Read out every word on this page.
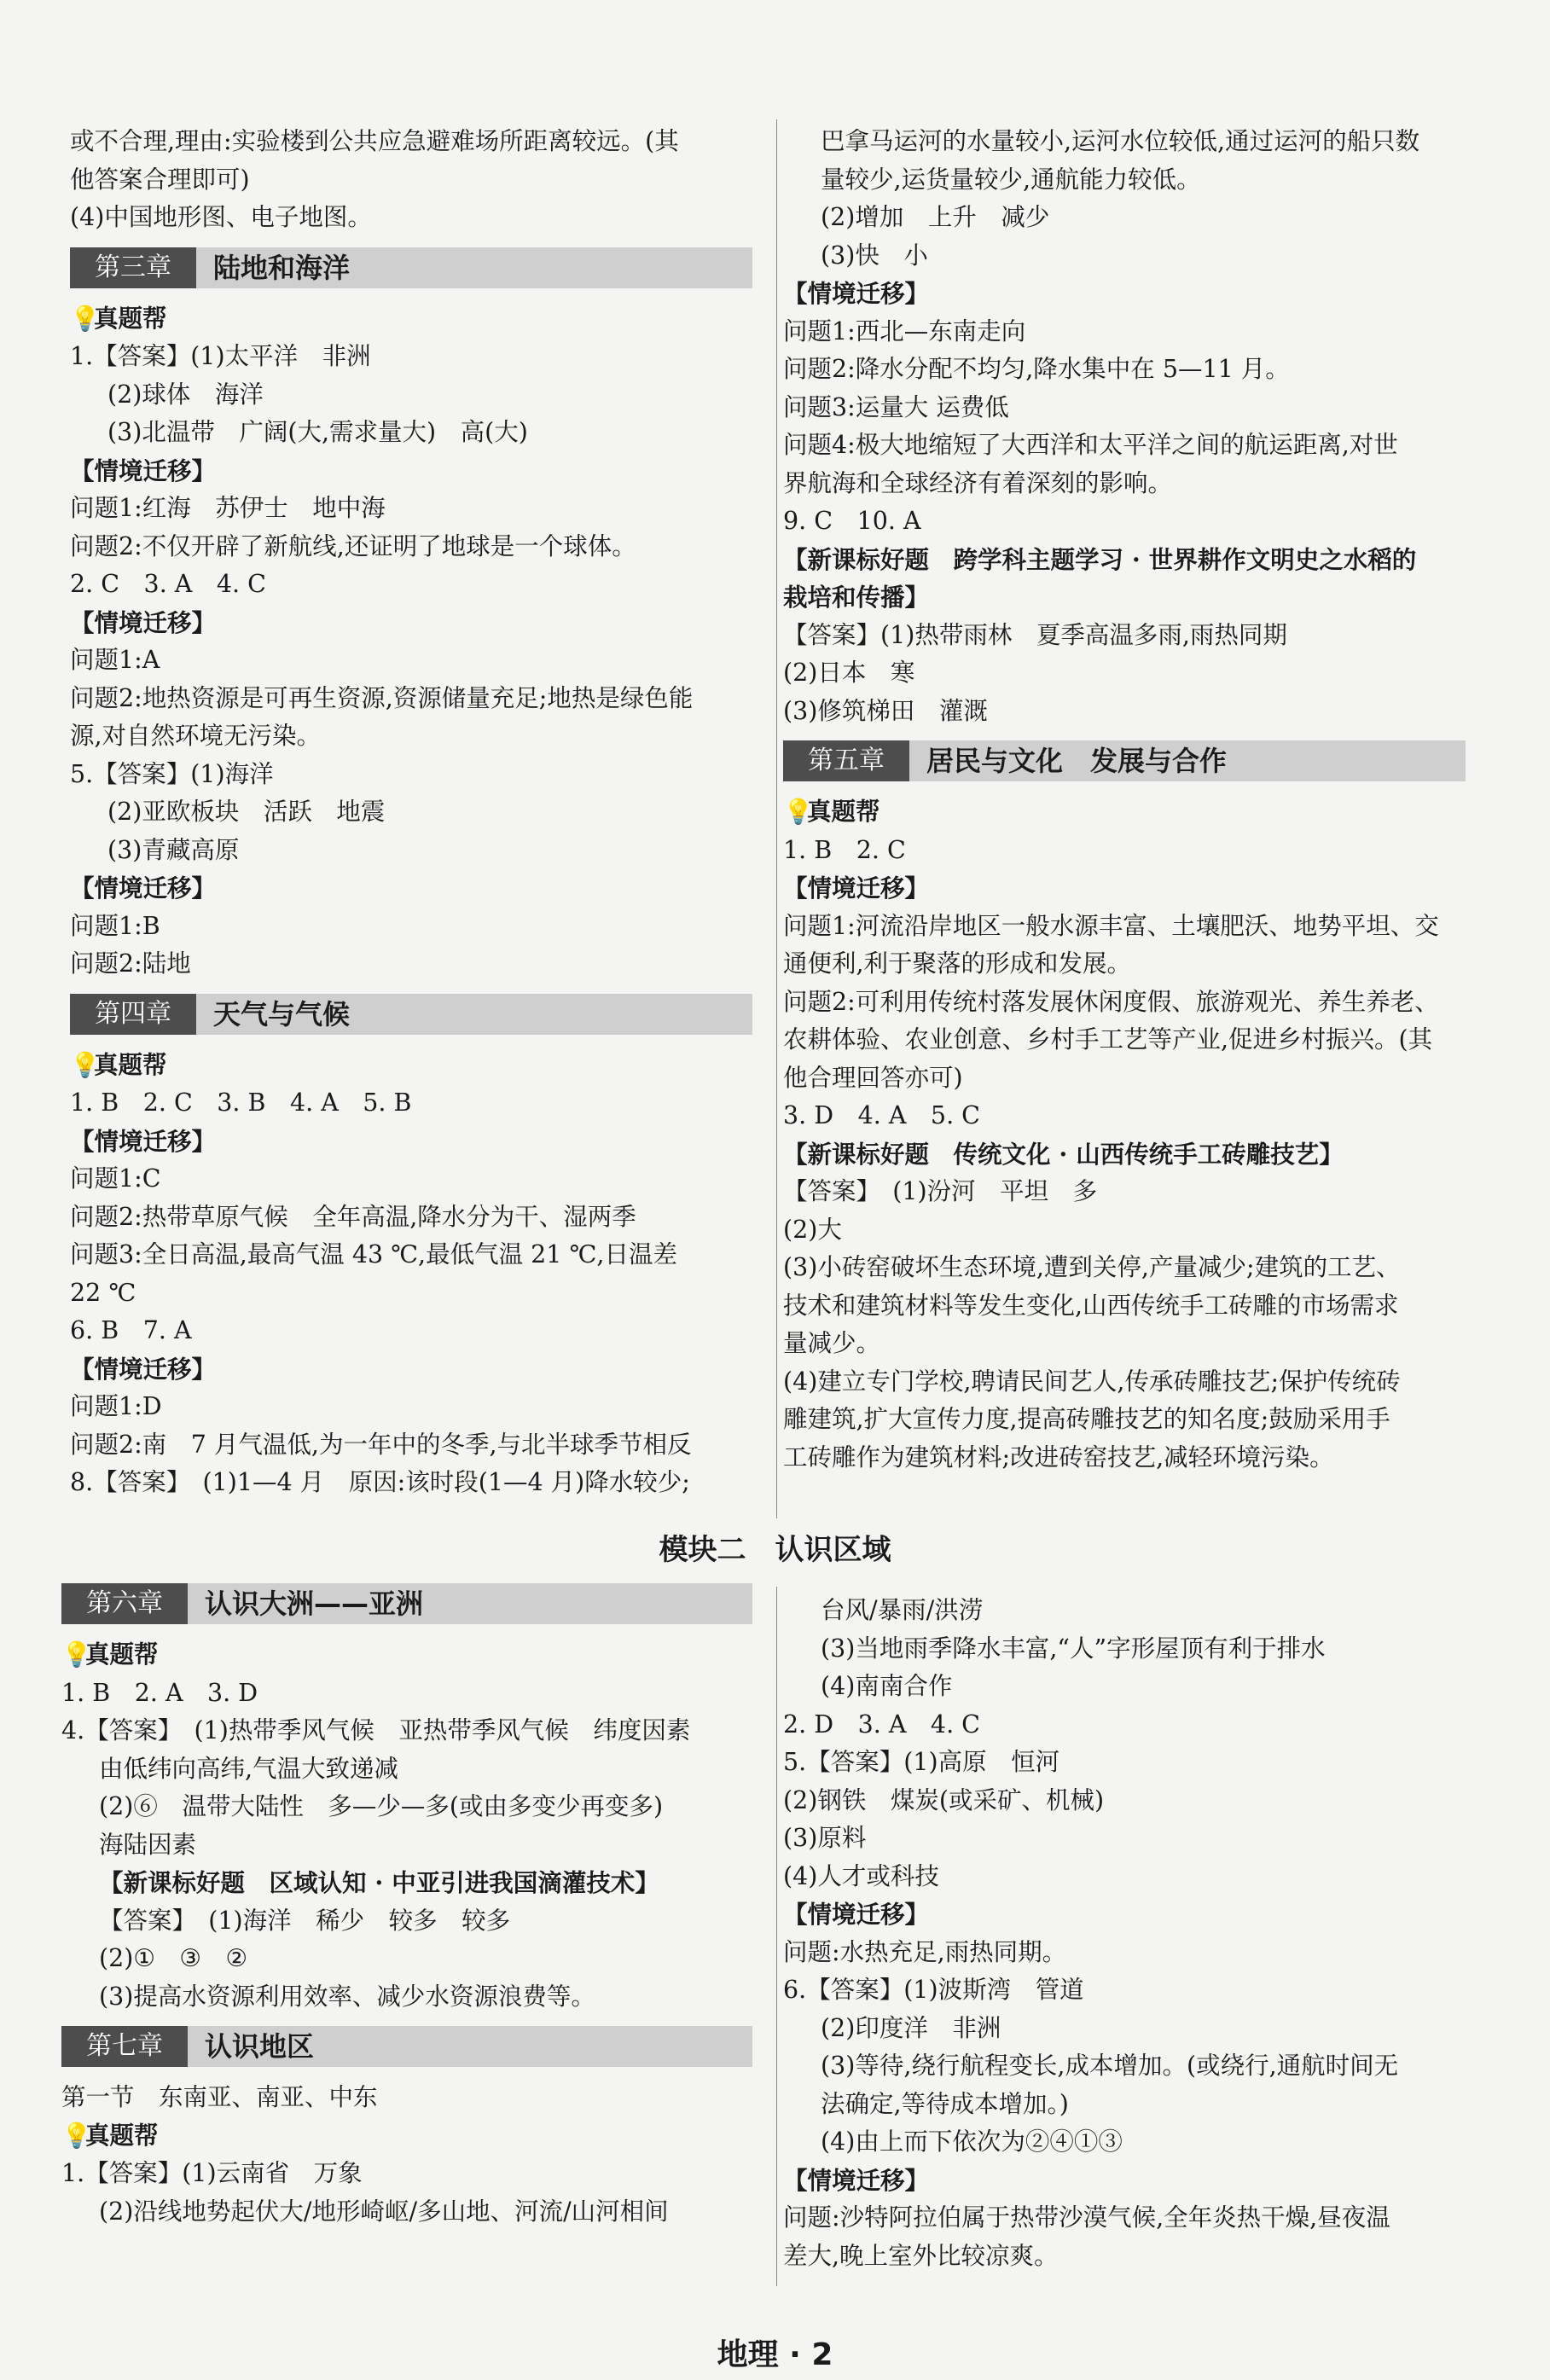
或不合理,理由:实验楼到公共应急避难场所距离较远。(其
他答案合理即可)
(4)中国地形图、电子地图。
第三章	陆地和海洋
💡真题帮
1.【答案】(1)太平洋　非洲
(2)球体　海洋
(3)北温带　广阔(大,需求量大)　高(大)
【情境迁移】
问题1:红海　苏伊士　地中海
问题2:不仅开辟了新航线,还证明了地球是一个球体。
2. C　3. A　4. C
【情境迁移】
问题1:A
问题2:地热资源是可再生资源,资源储量充足;地热是绿色能
源,对自然环境无污染。
5.【答案】(1)海洋
(2)亚欧板块　活跃　地震
(3)青藏高原
【情境迁移】
问题1:B
问题2:陆地
第四章	天气与气候
💡真题帮
1. B　2. C　3. B　4. A　5. B
【情境迁移】
问题1:C
问题2:热带草原气候　全年高温,降水分为干、湿两季
问题3:全日高温,最高气温 43 ℃,最低气温 21 ℃,日温差
22 ℃
6. B　7. A
【情境迁移】
问题1:D
问题2:南　7 月气温低,为一年中的冬季,与北半球季节相反
8.【答案】　(1)1—4 月　原因:该时段(1—4 月)降水较少;
巴拿马运河的水量较小,运河水位较低,通过运河的船只数
量较少,运货量较少,通航能力较低。
(2)增加　上升　减少
(3)快　小
【情境迁移】
问题1:西北—东南走向
问题2:降水分配不均匀,降水集中在 5—11 月。
问题3:运量大 运费低
问题4:极大地缩短了大西洋和太平洋之间的航运距离,对世
界航海和全球经济有着深刻的影响。
9. C　10. A
【新课标好题　跨学科主题学习 · 世界耕作文明史之水稻的
栽培和传播】
【答案】(1)热带雨林　夏季高温多雨,雨热同期
(2)日本　寒
(3)修筑梯田　灌溉
第五章	居民与文化　发展与合作
💡真题帮
1. B　2. C
【情境迁移】
问题1:河流沿岸地区一般水源丰富、土壤肥沃、地势平坦、交
通便利,利于聚落的形成和发展。
问题2:可利用传统村落发展休闲度假、旅游观光、养生养老、
农耕体验、农业创意、乡村手工艺等产业,促进乡村振兴。(其
他合理回答亦可)
3. D　4. A　5. C
【新课标好题　传统文化 · 山西传统手工砖雕技艺】
【答案】　(1)汾河　平坦　多
(2)大
(3)小砖窑破坏生态环境,遭到关停,产量减少;建筑的工艺、
技术和建筑材料等发生变化,山西传统手工砖雕的市场需求
量减少。
(4)建立专门学校,聘请民间艺人,传承砖雕技艺;保护传统砖
雕建筑,扩大宣传力度,提高砖雕技艺的知名度;鼓励采用手
工砖雕作为建筑材料;改进砖窑技艺,减轻环境污染。
模块二　认识区域
第六章	认识大洲——亚洲
💡真题帮
1. B　2. A　3. D
4.【答案】　(1)热带季风气候　亚热带季风气候　纬度因素
由低纬向高纬,气温大致递减
(2)⑥　温带大陆性　多—少—多(或由多变少再变多)
海陆因素
【新课标好题　区域认知 · 中亚引进我国滴灌技术】
【答案】　(1)海洋　稀少　较多　较多
(2)①　③　②
(3)提高水资源利用效率、减少水资源浪费等。
第七章	认识地区
第一节　东南亚、南亚、中东
💡真题帮
1.【答案】(1)云南省　万象
(2)沿线地势起伏大/地形崎岖/多山地、河流/山河相间
台风/暴雨/洪涝
(3)当地雨季降水丰富,“人”字形屋顶有利于排水
(4)南南合作
2. D　3. A　4. C
5.【答案】(1)高原　恒河
(2)钢铁　煤炭(或采矿、机械)
(3)原料
(4)人才或科技
【情境迁移】
问题:水热充足,雨热同期。
6.【答案】(1)波斯湾　管道
(2)印度洋　非洲
(3)等待,绕行航程变长,成本增加。(或绕行,通航时间无
法确定,等待成本增加。)
(4)由上而下依次为②④①③
【情境迁移】
问题:沙特阿拉伯属于热带沙漠气候,全年炎热干燥,昼夜温
差大,晚上室外比较凉爽。
地理 · 2
